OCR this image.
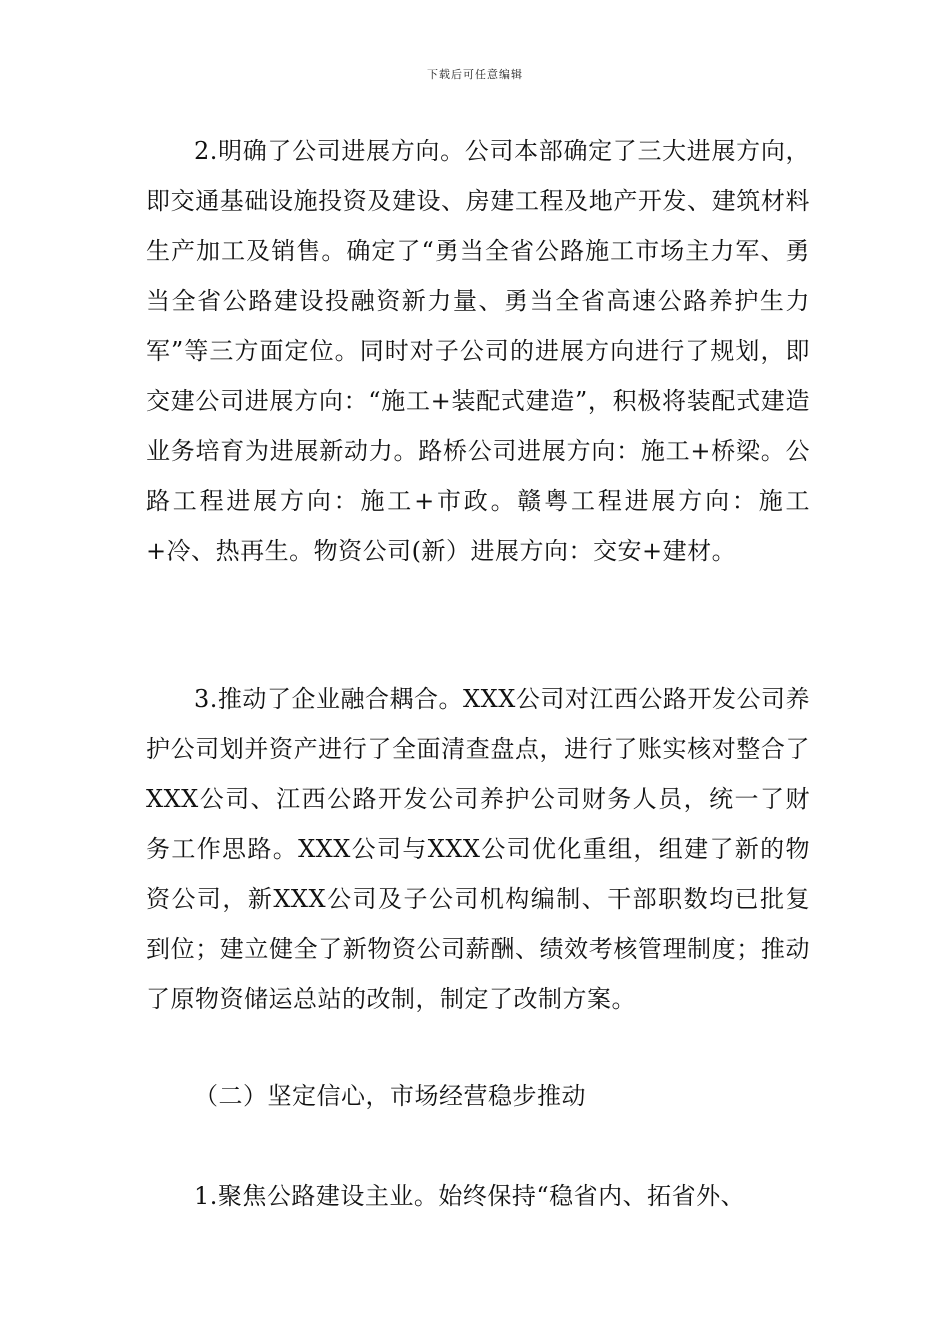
下载后可任意编辑

2.明确了公司进展方向。公司本部确定了三大进展方向，即交通基础设施投资及建设、房建工程及地产开发、建筑材料生产加工及销售。确定了“勇当全省公路施工市场主力军、勇当全省公路建设投融资新力量、勇当全省高速公路养护生力军”等三方面定位。同时对子公司的进展方向进行了规划，即交建公司进展方向：“施工+装配式建造”，积极将装配式建造业务培育为进展新动力。路桥公司进展方向：施工+桥梁。公路工程进展方向：施工+市政。赣粤工程进展方向：施工+冷、热再生。物资公司(新）进展方向：交安+建材。

3.推动了企业融合耦合。XXX公司对江西公路开发公司养护公司划并资产进行了全面清查盘点，进行了账实核对整合了XXX公司、江西公路开发公司养护公司财务人员，统一了财务工作思路。XXX公司与XXX公司优化重组，组建了新的物资公司，新XXX公司及子公司机构编制、干部职数均已批复到位；建立健全了新物资公司薪酬、绩效考核管理制度；推动了原物资储运总站的改制，制定了改制方案。

（二）坚定信心，市场经营稳步推动

1.聚焦公路建设主业。始终保持“稳省内、拓省外、
